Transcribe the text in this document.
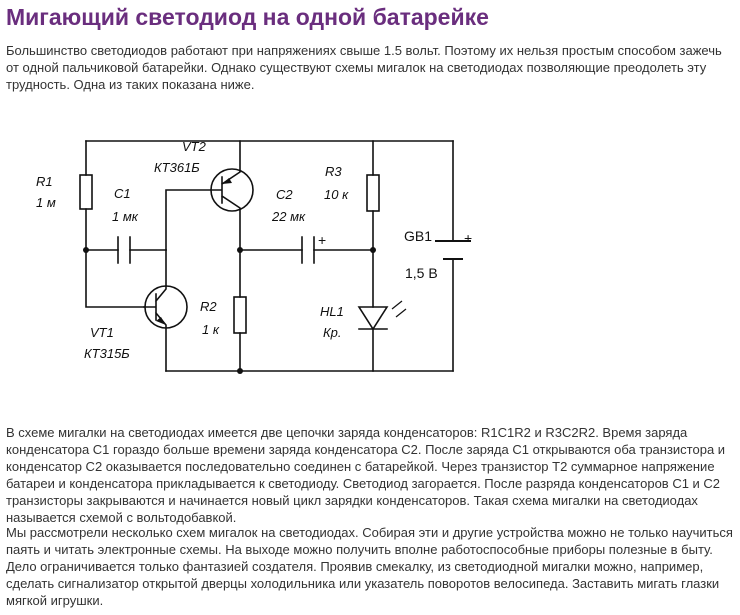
Мигающий светодиод на одной батарейке

Большинство светодиодов работают при напряжениях свыше 1.5 вольт. Поэтому их нельзя простым способом зажечь от одной пальчиковой батарейки. Однако существуют схемы мигалок на светодиодах позволяющие преодолеть эту трудность. Одна из таких показана ниже.

R1
1 м
С1
1 мк
VT2
КТ361Б	R3
10 к
С2
22 мк
+	GB1 +
1,5 В
R2
1 к
HL1
Кр.
VT1
КТ315Б

В схеме мигалки на светодиодах имеется две цепочки заряда конденсаторов: R1C1R2 и R3C2R2. Время заряда конденсатора С1 гораздо больше времени заряда конденсатора С2. После заряда С1 открываются оба транзистора и конденсатор С2 оказывается последовательно соединен с батарейкой. Через транзистор Т2 суммарное напряжение батареи и конденсатора прикладывается к светодиоду. Светодиод загорается. После разряда конденсаторов С1 и С2 транзисторы закрываются и начинается новый цикл зарядки конденсаторов. Такая схема мигалки на светодиодах называется схемой с вольтодобавкой.

Мы рассмотрели несколько схем мигалок на светодиодах. Собирая эти и другие устройства можно не только научиться паять и читать электронные схемы. На выходе можно получить вполне работоспособные приборы полезные в быту. Дело ограничивается только фантазией создателя. Проявив смекалку, из светодиодной мигалки можно, например, сделать сигнализатор открытой дверцы холодильника или указатель поворотов велосипеда. Заставить мигать глазки мягкой игрушки.
